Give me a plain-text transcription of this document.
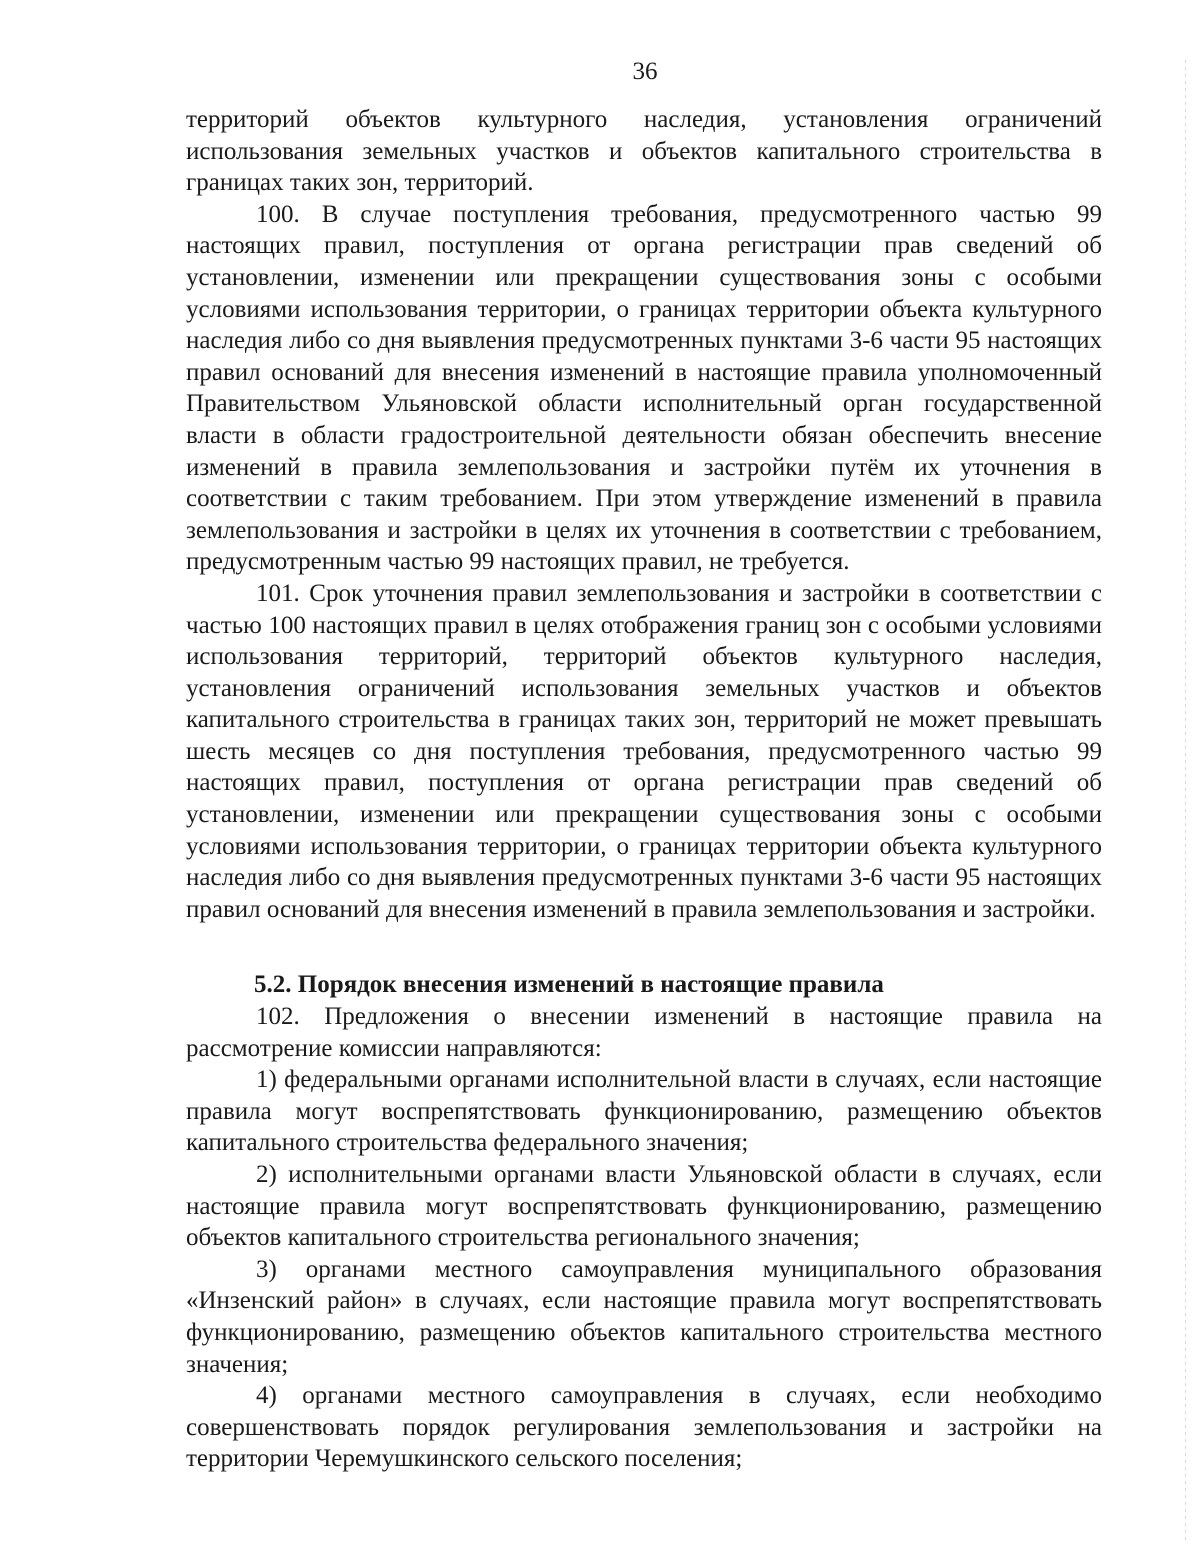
36

территорий объектов культурного наследия, установления ограничений использования земельных участков и объектов капитального строительства в границах таких зон, территорий.

100. В случае поступления требования, предусмотренного частью 99 настоящих правил, поступления от органа регистрации прав сведений об установлении, изменении или прекращении существования зоны с особыми условиями использования территории, о границах территории объекта культурного наследия либо со дня выявления предусмотренных пунктами 3-6 части 95 настоящих правил оснований для внесения изменений в настоящие правила уполномоченный Правительством Ульяновской области исполнительный орган государственной власти в области градостроительной деятельности обязан обеспечить внесение изменений в правила землепользования и застройки путём их уточнения в соответствии с таким требованием. При этом утверждение изменений в правила землепользования и застройки в целях их уточнения в соответствии с требованием, предусмотренным частью 99 настоящих правил, не требуется.

101. Срок уточнения правил землепользования и застройки в соответствии с частью 100 настоящих правил в целях отображения границ зон с особыми условиями использования территорий, территорий объектов культурного наследия, установления ограничений использования земельных участков и объектов капитального строительства в границах таких зон, территорий не может превышать шесть месяцев со дня поступления требования, предусмотренного частью 99 настоящих правил, поступления от органа регистрации прав сведений об установлении, изменении или прекращении существования зоны с особыми условиями использования территории, о границах территории объекта культурного наследия либо со дня выявления предусмотренных пунктами 3-6 части 95 настоящих правил оснований для внесения изменений в правила землепользования и застройки.

5.2. Порядок внесения изменений в настоящие правила

102. Предложения о внесении изменений в настоящие правила на рассмотрение комиссии направляются:

1) федеральными органами исполнительной власти в случаях, если настоящие правила могут воспрепятствовать функционированию, размещению объектов капитального строительства федерального значения;

2) исполнительными органами власти Ульяновской области в случаях, если настоящие правила могут воспрепятствовать функционированию, размещению объектов капитального строительства регионального значения;

3) органами местного самоуправления муниципального образования «Инзенский район» в случаях, если настоящие правила могут воспрепятствовать функционированию, размещению объектов капитального строительства местного значения;

4) органами местного самоуправления в случаях, если необходимо совершенствовать порядок регулирования землепользования и застройки на территории Черемушкинского сельского поселения;
